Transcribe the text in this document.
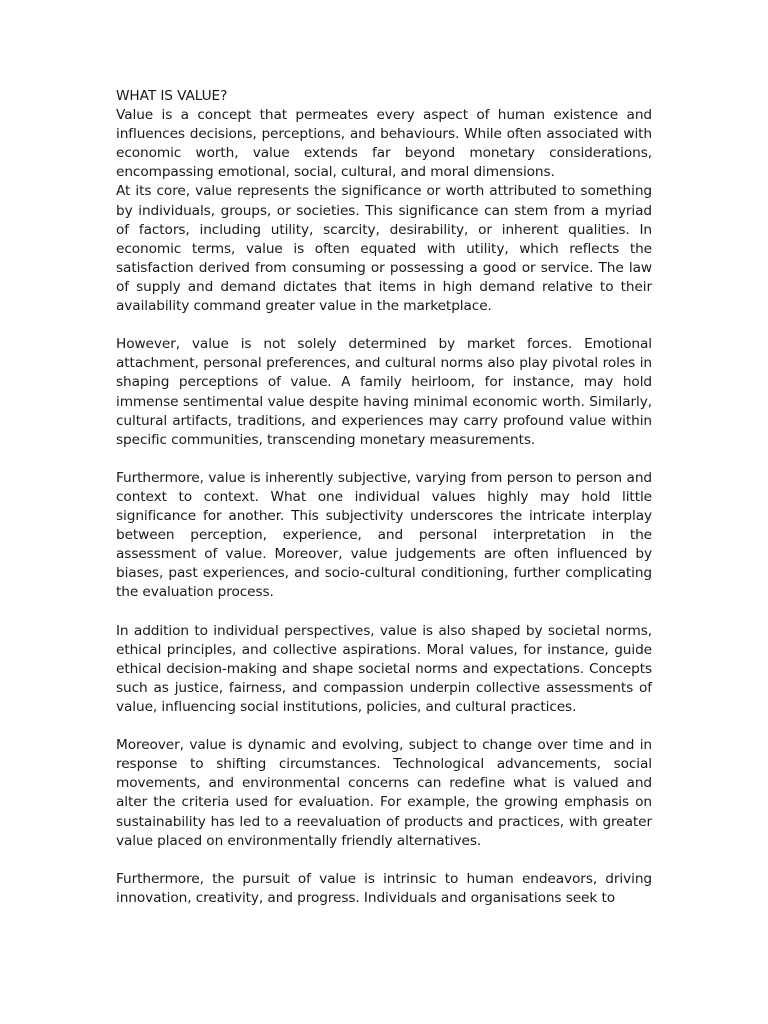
WHAT IS VALUE?

Value is a concept that permeates every aspect of human existence and influences decisions, perceptions, and behaviours. While often associated with economic worth, value extends far beyond monetary considerations, encompassing emotional, social, cultural, and moral dimensions.

At its core, value represents the significance or worth attributed to something by individuals, groups, or societies. This significance can stem from a myriad of factors, including utility, scarcity, desirability, or inherent qualities. In economic terms, value is often equated with utility, which reflects the satisfaction derived from consuming or possessing a good or service. The law of supply and demand dictates that items in high demand relative to their availability command greater value in the marketplace.

However, value is not solely determined by market forces. Emotional attachment, personal preferences, and cultural norms also play pivotal roles in shaping perceptions of value. A family heirloom, for instance, may hold immense sentimental value despite having minimal economic worth. Similarly, cultural artifacts, traditions, and experiences may carry profound value within specific communities, transcending monetary measurements.

Furthermore, value is inherently subjective, varying from person to person and context to context. What one individual values highly may hold little significance for another. This subjectivity underscores the intricate interplay between perception, experience, and personal interpretation in the assessment of value. Moreover, value judgements are often influenced by biases, past experiences, and socio-cultural conditioning, further complicating the evaluation process.

In addition to individual perspectives, value is also shaped by societal norms, ethical principles, and collective aspirations. Moral values, for instance, guide ethical decision-making and shape societal norms and expectations. Concepts such as justice, fairness, and compassion underpin collective assessments of value, influencing social institutions, policies, and cultural practices.

Moreover, value is dynamic and evolving, subject to change over time and in response to shifting circumstances. Technological advancements, social movements, and environmental concerns can redefine what is valued and alter the criteria used for evaluation. For example, the growing emphasis on sustainability has led to a reevaluation of products and practices, with greater value placed on environmentally friendly alternatives.

Furthermore, the pursuit of value is intrinsic to human endeavors, driving innovation, creativity, and progress. Individuals and organisations seek to
